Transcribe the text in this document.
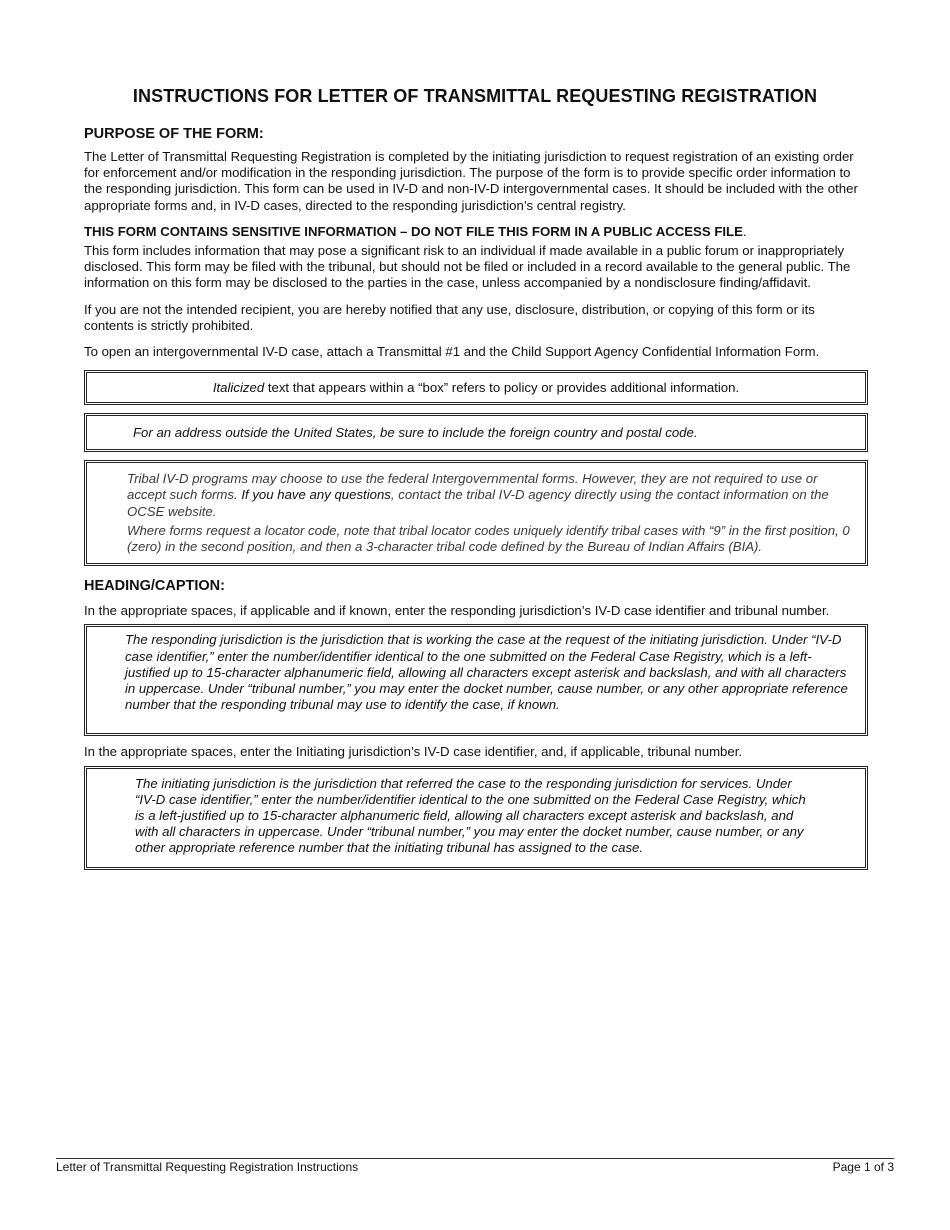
INSTRUCTIONS FOR LETTER OF TRANSMITTAL REQUESTING REGISTRATION
PURPOSE OF THE FORM:

The Letter of Transmittal Requesting Registration is completed by the initiating jurisdiction to request registration of an existing order for enforcement and/or modification in the responding jurisdiction. The purpose of the form is to provide specific order information to the responding jurisdiction. This form can be used in IV-D and non-IV-D intergovernmental cases. It should be included with the other appropriate forms and, in IV-D cases, directed to the responding jurisdiction’s central registry.

THIS FORM CONTAINS SENSITIVE INFORMATION – DO NOT FILE THIS FORM IN A PUBLIC ACCESS FILE.

This form includes information that may pose a significant risk to an individual if made available in a public forum or inappropriately disclosed. This form may be filed with the tribunal, but should not be filed or included in a record available to the general public. The information on this form may be disclosed to the parties in the case, unless accompanied by a nondisclosure finding/affidavit.

If you are not the intended recipient, you are hereby notified that any use, disclosure, distribution, or copying of this form or its contents is strictly prohibited.

To open an intergovernmental IV-D case, attach a Transmittal #1 and the Child Support Agency Confidential Information Form.

Italicized text that appears within a “box” refers to policy or provides additional information.
For an address outside the United States, be sure to include the foreign country and postal code.
Tribal IV-D programs may choose to use the federal Intergovernmental forms. However, they are not required to use or accept such forms. If you have any questions, contact the tribal IV-D agency directly using the contact information on the OCSE website.
Where forms request a locator code, note that tribal locator codes uniquely identify tribal cases with “9” in the first position, 0 (zero) in the second position, and then a 3-character tribal code defined by the Bureau of Indian Affairs (BIA).
HEADING/CAPTION:

In the appropriate spaces, if applicable and if known, enter the responding jurisdiction’s IV-D case identifier and tribunal number.

The responding jurisdiction is the jurisdiction that is working the case at the request of the initiating jurisdiction. Under “IV-D case identifier,” enter the number/identifier identical to the one submitted on the Federal Case Registry, which is a left-justified up to 15-character alphanumeric field, allowing all characters except asterisk and backslash, and with all characters in uppercase. Under “tribunal number,” you may enter the docket number, cause number, or any other appropriate reference number that the responding tribunal may use to identify the case, if known.

In the appropriate spaces, enter the Initiating jurisdiction’s IV-D case identifier, and, if applicable, tribunal number.

The initiating jurisdiction is the jurisdiction that referred the case to the responding jurisdiction for services. Under “IV-D case identifier,” enter the number/identifier identical to the one submitted on the Federal Case Registry, which is a left-justified up to 15-character alphanumeric field, allowing all characters except asterisk and backslash, and with all characters in uppercase. Under “tribunal number,” you may enter the docket number, cause number, or any other appropriate reference number that the initiating tribunal has assigned to the case.
Letter of Transmittal Requesting Registration Instructions	Page 1 of 3
